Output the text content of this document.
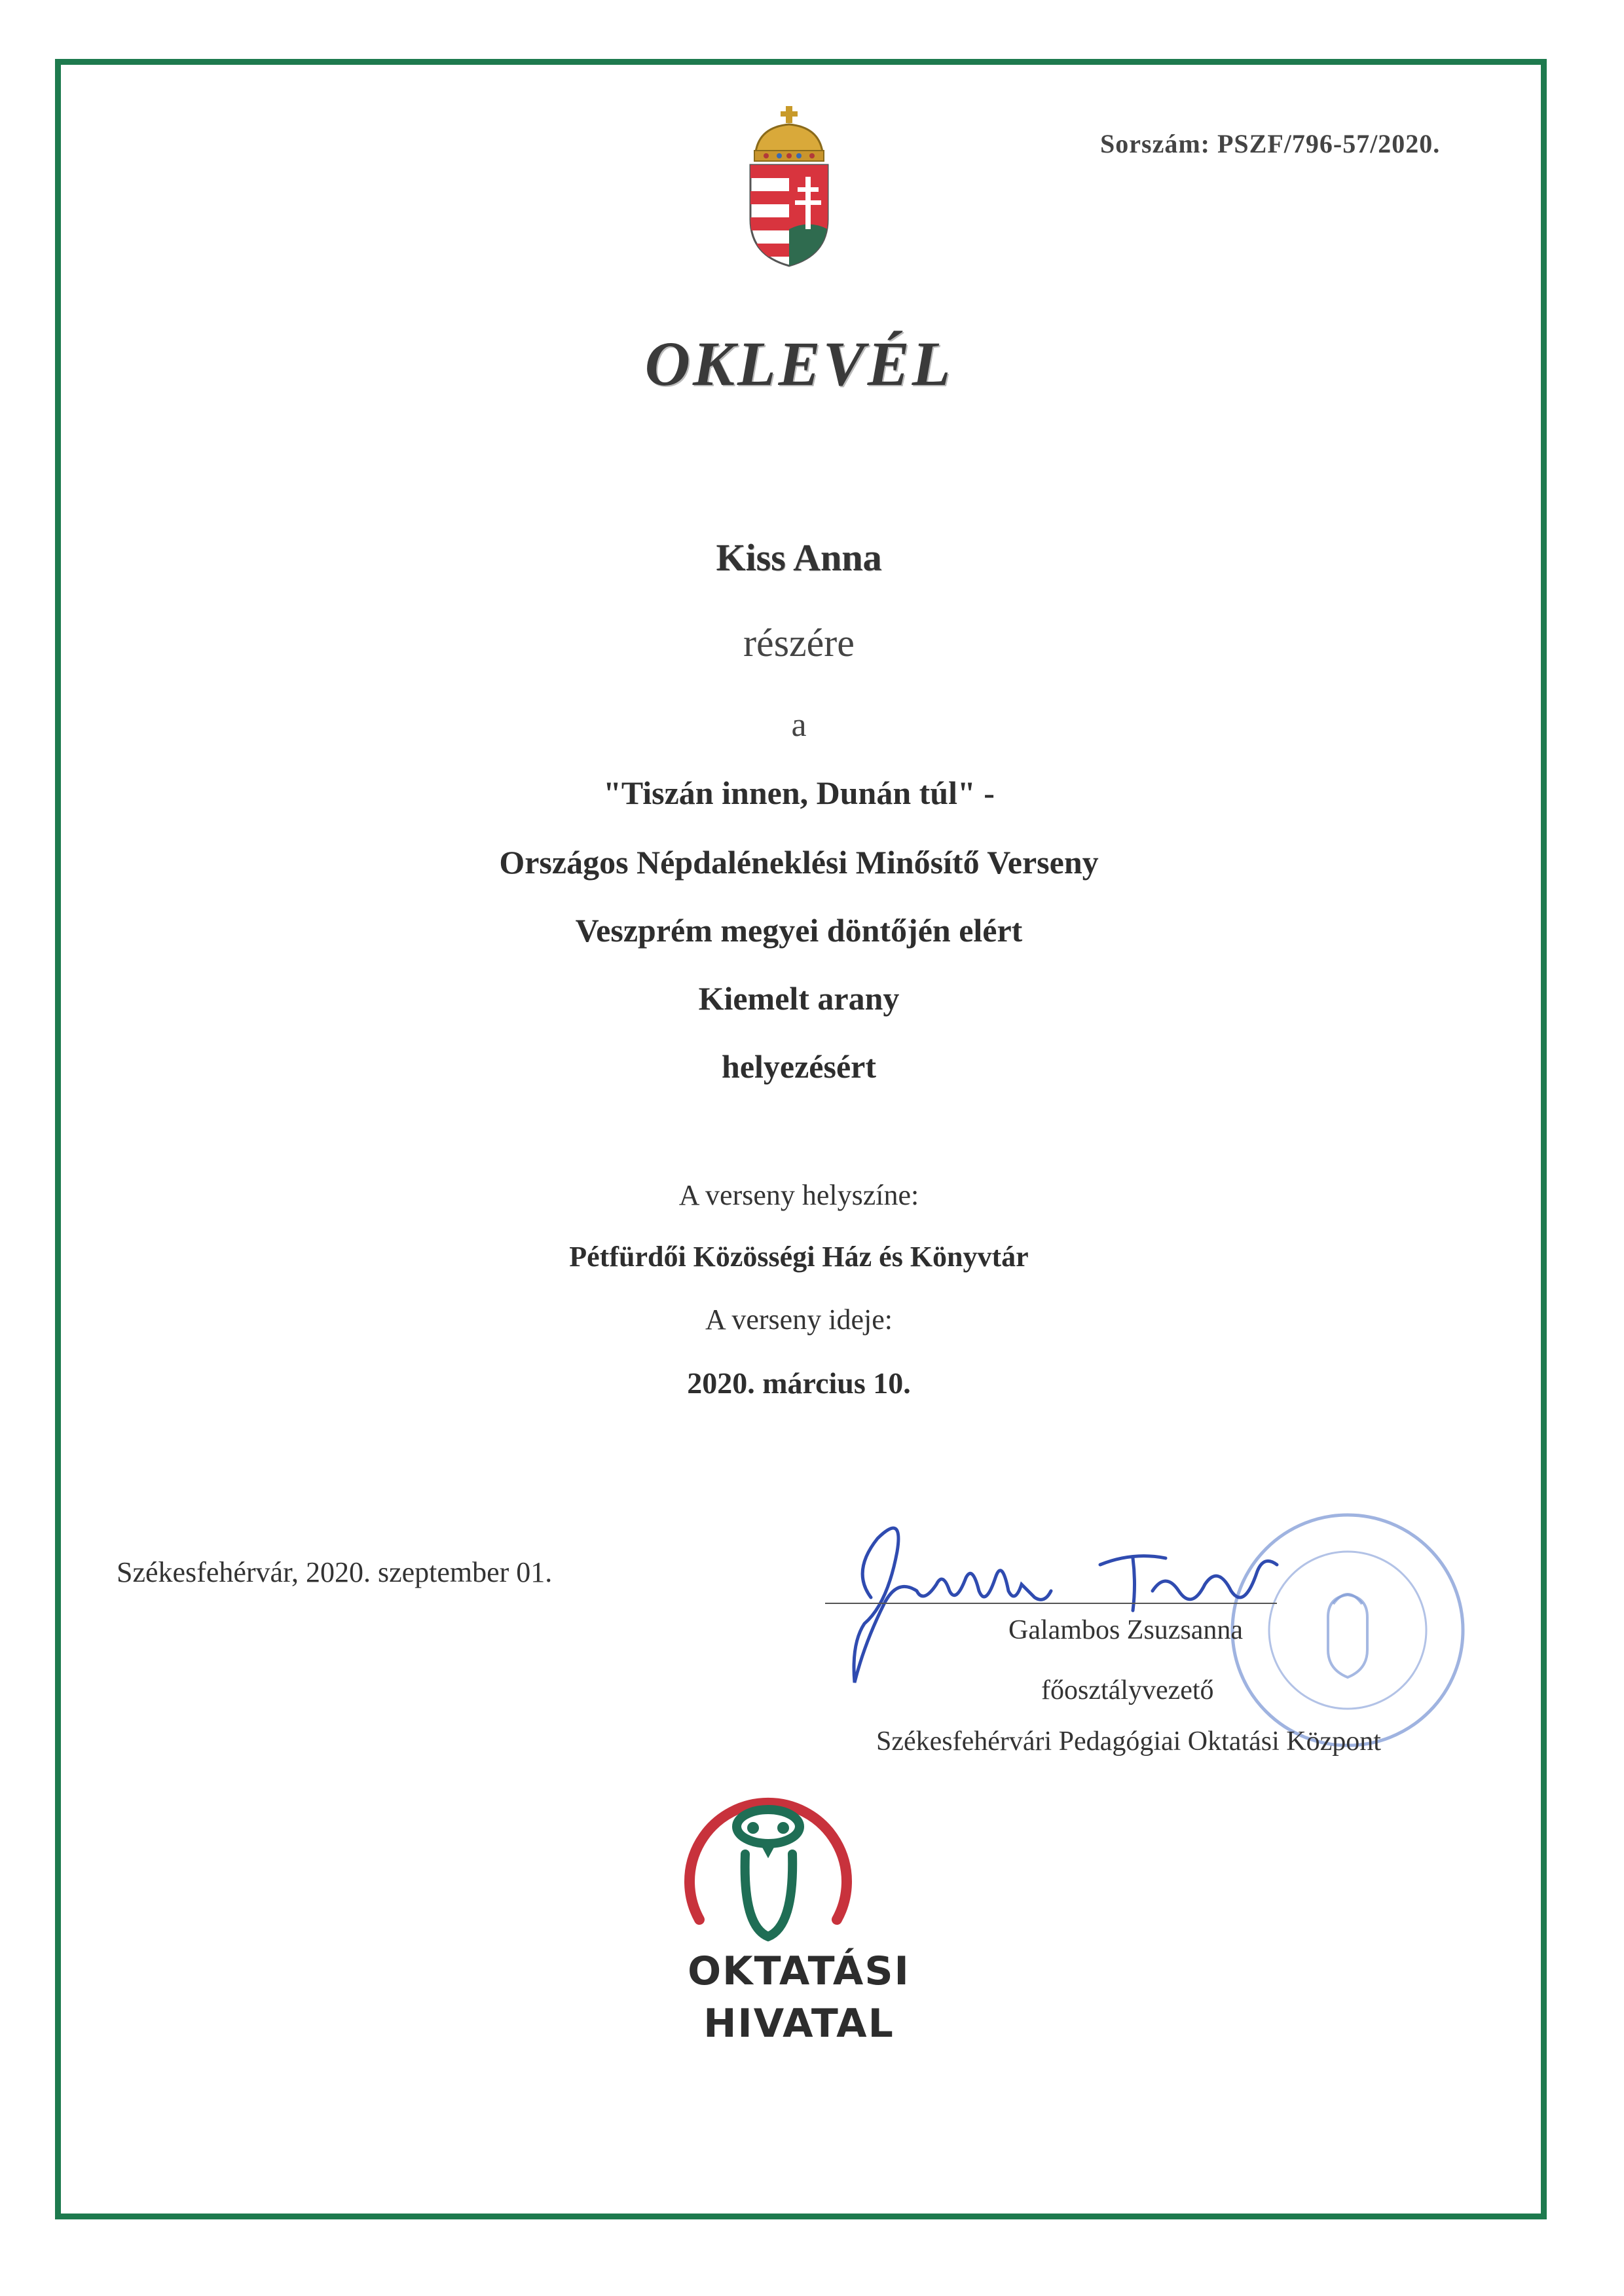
Sorszám: PSZF/796-57/2020.
OKLEVÉL
Kiss Anna
részére
a
"Tiszán innen, Dunán túl" -
Országos Népdaléneklési Minősítő Verseny
Veszprém megyei döntőjén elért
Kiemelt arany
helyezésért
A verseny helyszíne:
Pétfürdői Közösségi Ház és Könyvtár
A verseny ideje:
2020. március 10.
Székesfehérvár, 2020. szeptember 01.
Galambos Zsuzsanna
főosztályvezető
Székesfehérvári Pedagógiai Oktatási Központ
OKTATÁSI
HIVATAL
